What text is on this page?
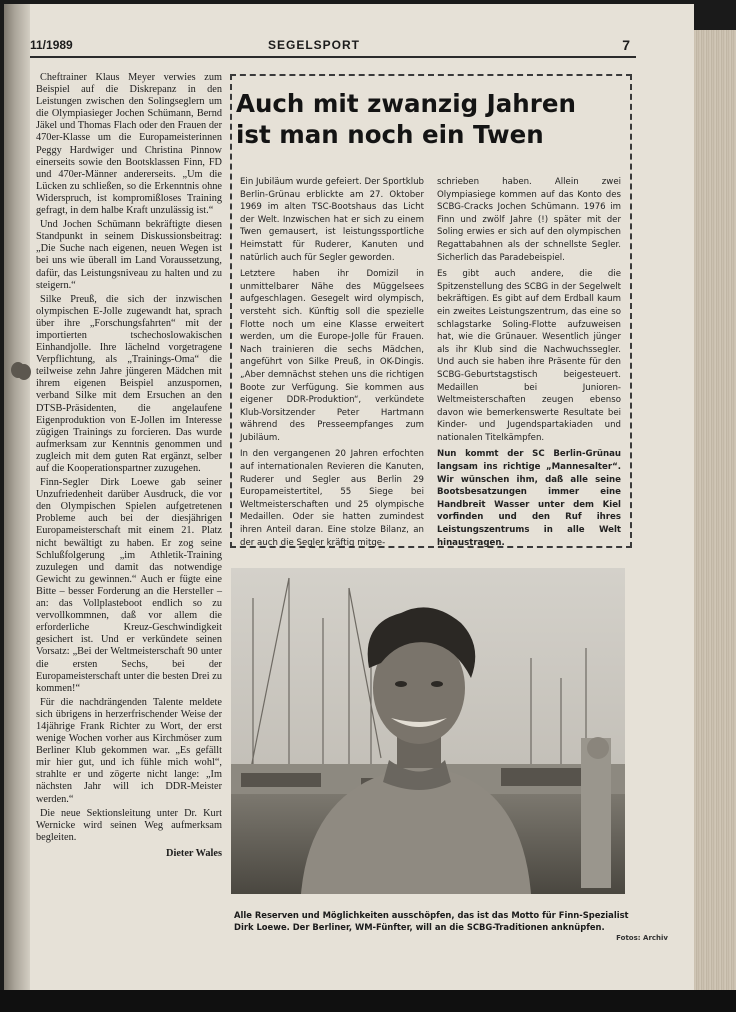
11/1989	SEGELSPORT	7

Cheftrainer Klaus Meyer verwies zum Beispiel auf die Diskrepanz in den Leistungen zwischen den Solingseglern um die Olympiasieger Jochen Schümann, Bernd Jäkel und Thomas Flach oder den Frauen der 470er-Klasse um die Europameisterinnen Peggy Hardwiger und Christina Pinnow einerseits sowie den Bootsklassen Finn, FD und 470er-Männer andererseits. „Um die Lücken zu schließen, so die Erkenntnis ohne Widerspruch, ist kompromißloses Training gefragt, in dem halbe Kraft unzulässig ist.“

Und Jochen Schümann bekräftigte diesen Standpunkt in seinem Diskussionsbeitrag: „Die Suche nach eigenen, neuen Wegen ist bei uns wie überall im Land Voraussetzung, dafür, das Leistungsniveau zu halten und zu steigern.“

Silke Preuß, die sich der inzwischen olympischen E-Jolle zugewandt hat, sprach über ihre „Forschungsfahrten“ mit der importierten tschechoslowakischen Einhandjolle. Ihre lächelnd vorgetragene Verpflichtung, als „Trainings-Oma“ die teilweise zehn Jahre jüngeren Mädchen mit ihrem eigenen Beispiel anzuspornen, verband Silke mit dem Ersuchen an den DTSB-Präsidenten, die angelaufene Eigenproduktion von E-Jollen im Interesse zügigen Trainings zu forcieren. Das wurde aufmerksam zur Kenntnis genommen und zugleich mit dem guten Rat ergänzt, selber auf die Kooperationspartner zuzugehen.

Finn-Segler Dirk Loewe gab seiner Unzufriedenheit darüber Ausdruck, die vor den Olympischen Spielen aufgetretenen Probleme auch bei der diesjährigen Europameisterschaft mit einem 21. Platz nicht bewältigt zu haben. Er zog seine Schlußfolgerung „im Athletik-Training zuzulegen und damit das notwendige Gewicht zu gewinnen.“ Auch er fügte eine Bitte – besser Forderung an die Hersteller – an: das Vollplasteboot endlich so zu vervollkommnen, daß vor allem die erforderliche Kreuz-Geschwindigkeit gesichert ist. Und er verkündete seinen Vorsatz: „Bei der Weltmeisterschaft 90 unter die ersten Sechs, bei der Europameisterschaft unter die besten Drei zu kommen!“

Für die nachdrängenden Talente meldete sich übrigens in herzerfrischender Weise der 14jährige Frank Richter zu Wort, der erst wenige Wochen vorher aus Kirchmöser zum Berliner Klub gekommen war. „Es gefällt mir hier gut, und ich fühle mich wohl“, strahlte er und zögerte nicht lange: „Im nächsten Jahr will ich DDR-Meister werden.“

Die neue Sektionsleitung unter Dr. Kurt Wernicke wird seinen Weg aufmerksam begleiten.

Dieter Wales

Auch mit zwanzig Jahren
ist man noch ein Twen

Ein Jubiläum wurde gefeiert. Der Sportklub Berlin-Grünau erblickte am 27. Oktober 1969 im alten TSC-Bootshaus das Licht der Welt. Inzwischen hat er sich zu einem Twen gemausert, ist leistungssportliche Heimstatt für Ruderer, Kanuten und natürlich auch für Segler geworden.

Letztere haben ihr Domizil in unmittelbarer Nähe des Müggelsees aufgeschlagen. Gesegelt wird olympisch, versteht sich. Künftig soll die spezielle Flotte noch um eine Klasse erweitert werden, um die Europe-Jolle für Frauen. Nach trainieren die sechs Mädchen, angeführt von Silke Preuß, in OK-Dingis. „Aber demnächst stehen uns die richtigen Boote zur Verfügung. Sie kommen aus eigener DDR-Produktion“, verkündete Klub-Vorsitzender Peter Hartmann während des Presseempfanges zum Jubiläum.

In den vergangenen 20 Jahren erfochten auf internationalen Revieren die Kanuten, Ruderer und Segler aus Berlin 29 Europameistertitel, 55 Siege bei Weltmeisterschaften und 25 olympische Medaillen. Oder sie hatten zumindest ihren Anteil daran. Eine stolze Bilanz, an der auch die Segler kräftig mitge-

schrieben haben. Allein zwei Olympiasiege kommen auf das Konto des SCBG-Cracks Jochen Schümann. 1976 im Finn und zwölf Jahre (!) später mit der Soling erwies er sich auf den olympischen Regattabahnen als der schnellste Segler. Sicherlich das Paradebeispiel.

Es gibt auch andere, die die Spitzenstellung des SCBG in der Segelwelt bekräftigen. Es gibt auf dem Erdball kaum ein zweites Leistungszentrum, das eine so schlagstarke Soling-Flotte aufzuweisen hat, wie die Grünauer. Wesentlich jünger als ihr Klub sind die Nachwuchssegler. Und auch sie haben ihre Präsente für den SCBG-Geburtstagstisch beigesteuert. Medaillen bei Junioren-Weltmeisterschaften zeugen ebenso davon wie bemerkenswerte Resultate bei Kinder- und Jugendspartakiaden und nationalen Titelkämpfen.

Nun kommt der SC Berlin-Grünau langsam ins richtige „Mannesalter“. Wir wünschen ihm, daß alle seine Bootsbesatzungen immer eine Handbreit Wasser unter dem Kiel vorfinden und den Ruf ihres Leistungszentrums in alle Welt hinaustragen.

Alle Reserven und Möglichkeiten ausschöpfen, das ist das Motto für Finn-Spezialist
Dirk Loewe. Der Berliner, WM-Fünfter, will an die SCBG-Traditionen anknüpfen.
Fotos: Archiv
